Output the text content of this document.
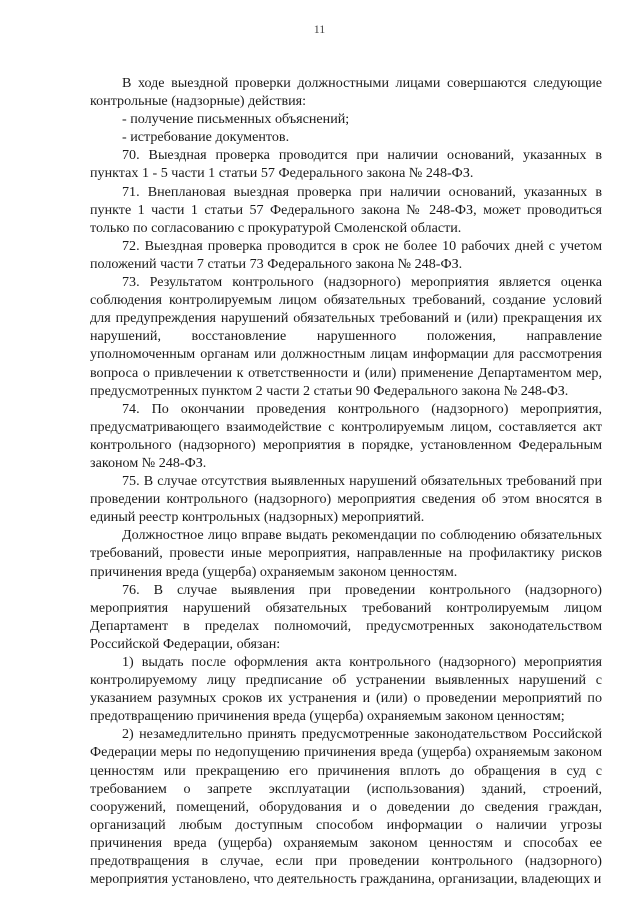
11

В ходе выездной проверки должностными лицами совершаются следующие контрольные (надзорные) действия:

- получение письменных объяснений;

- истребование документов.

70. Выездная проверка проводится при наличии оснований, указанных в пунктах 1 - 5 части 1 статьи 57 Федерального закона № 248-ФЗ.

71. Внеплановая выездная проверка при наличии оснований, указанных в пункте 1 части 1 статьи 57 Федерального закона № 248-ФЗ, может проводиться только по согласованию с прокуратурой Смоленской области.

72. Выездная проверка проводится в срок не более 10 рабочих дней с учетом положений части 7 статьи 73 Федерального закона № 248-ФЗ.

73. Результатом контрольного (надзорного) мероприятия является оценка соблюдения контролируемым лицом обязательных требований, создание условий для предупреждения нарушений обязательных требований и (или) прекращения их нарушений, восстановление нарушенного положения, направление уполномоченным органам или должностным лицам информации для рассмотрения вопроса о привлечении к ответственности и (или) применение Департаментом мер, предусмотренных пунктом 2 части 2 статьи 90 Федерального закона № 248-ФЗ.

74. По окончании проведения контрольного (надзорного) мероприятия, предусматривающего взаимодействие с контролируемым лицом, составляется акт контрольного (надзорного) мероприятия в порядке, установленном Федеральным законом № 248-ФЗ.

75. В случае отсутствия выявленных нарушений обязательных требований при проведении контрольного (надзорного) мероприятия сведения об этом вносятся в единый реестр контрольных (надзорных) мероприятий.

Должностное лицо вправе выдать рекомендации по соблюдению обязательных требований, провести иные мероприятия, направленные на профилактику рисков причинения вреда (ущерба) охраняемым законом ценностям.

76. В случае выявления при проведении контрольного (надзорного) мероприятия нарушений обязательных требований контролируемым лицом Департамент в пределах полномочий, предусмотренных законодательством Российской Федерации, обязан:

1) выдать после оформления акта контрольного (надзорного) мероприятия контролируемому лицу предписание об устранении выявленных нарушений с указанием разумных сроков их устранения и (или) о проведении мероприятий по предотвращению причинения вреда (ущерба) охраняемым законом ценностям;

2) незамедлительно принять предусмотренные законодательством Российской Федерации меры по недопущению причинения вреда (ущерба) охраняемым законом ценностям или прекращению его причинения вплоть до обращения в суд с требованием о запрете эксплуатации (использования) зданий, строений, сооружений, помещений, оборудования и о доведении до сведения граждан, организаций любым доступным способом информации о наличии угрозы причинения вреда (ущерба) охраняемым законом ценностям и способах ее предотвращения в случае, если при проведении контрольного (надзорного) мероприятия установлено, что деятельность гражданина, организации, владеющих и
